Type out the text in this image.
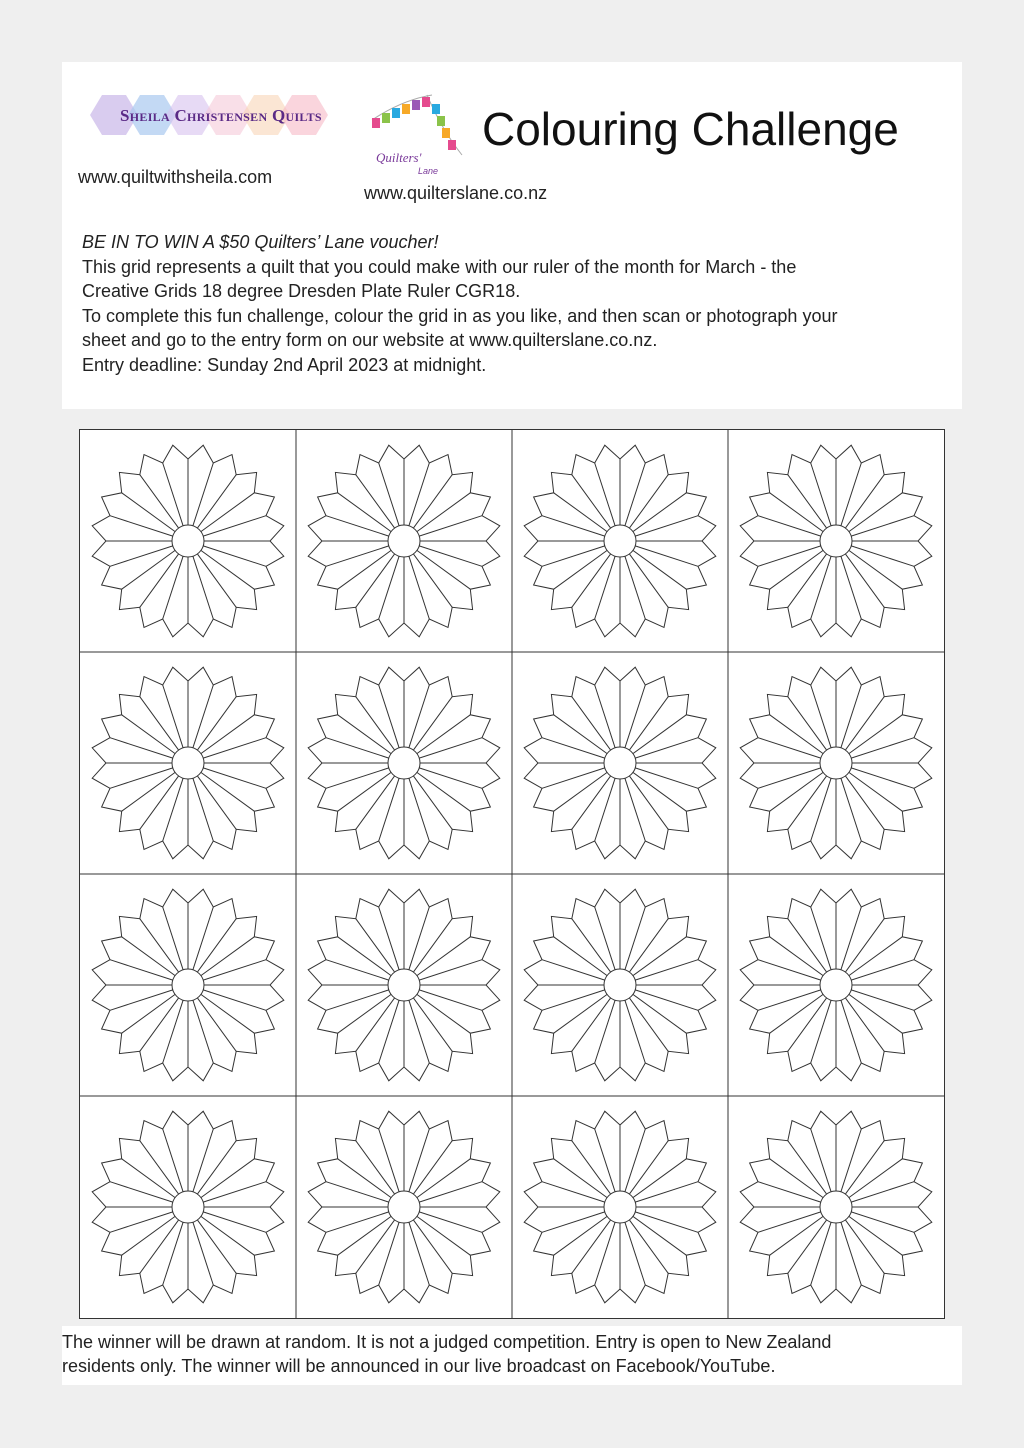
Sheila Christensen Quilts
www.quiltwithsheila.com
Quilters'
Lane
www.quilterslane.co.nz
Colouring Challenge
BE IN TO WIN A $50 Quilters’ Lane voucher!
This grid represents a quilt that you could make with our ruler of the month for March - the
Creative Grids 18 degree Dresden Plate Ruler CGR18.
To complete this fun challenge, colour the grid in as you like, and then scan or photograph your
sheet and go to the entry form on our website at www.quilterslane.co.nz.
Entry deadline: Sunday 2nd April 2023 at midnight.
The winner will be drawn at random. It is not a judged competition. Entry is open to New Zealand
residents only. The winner will be announced in our live broadcast on Facebook/YouTube.
